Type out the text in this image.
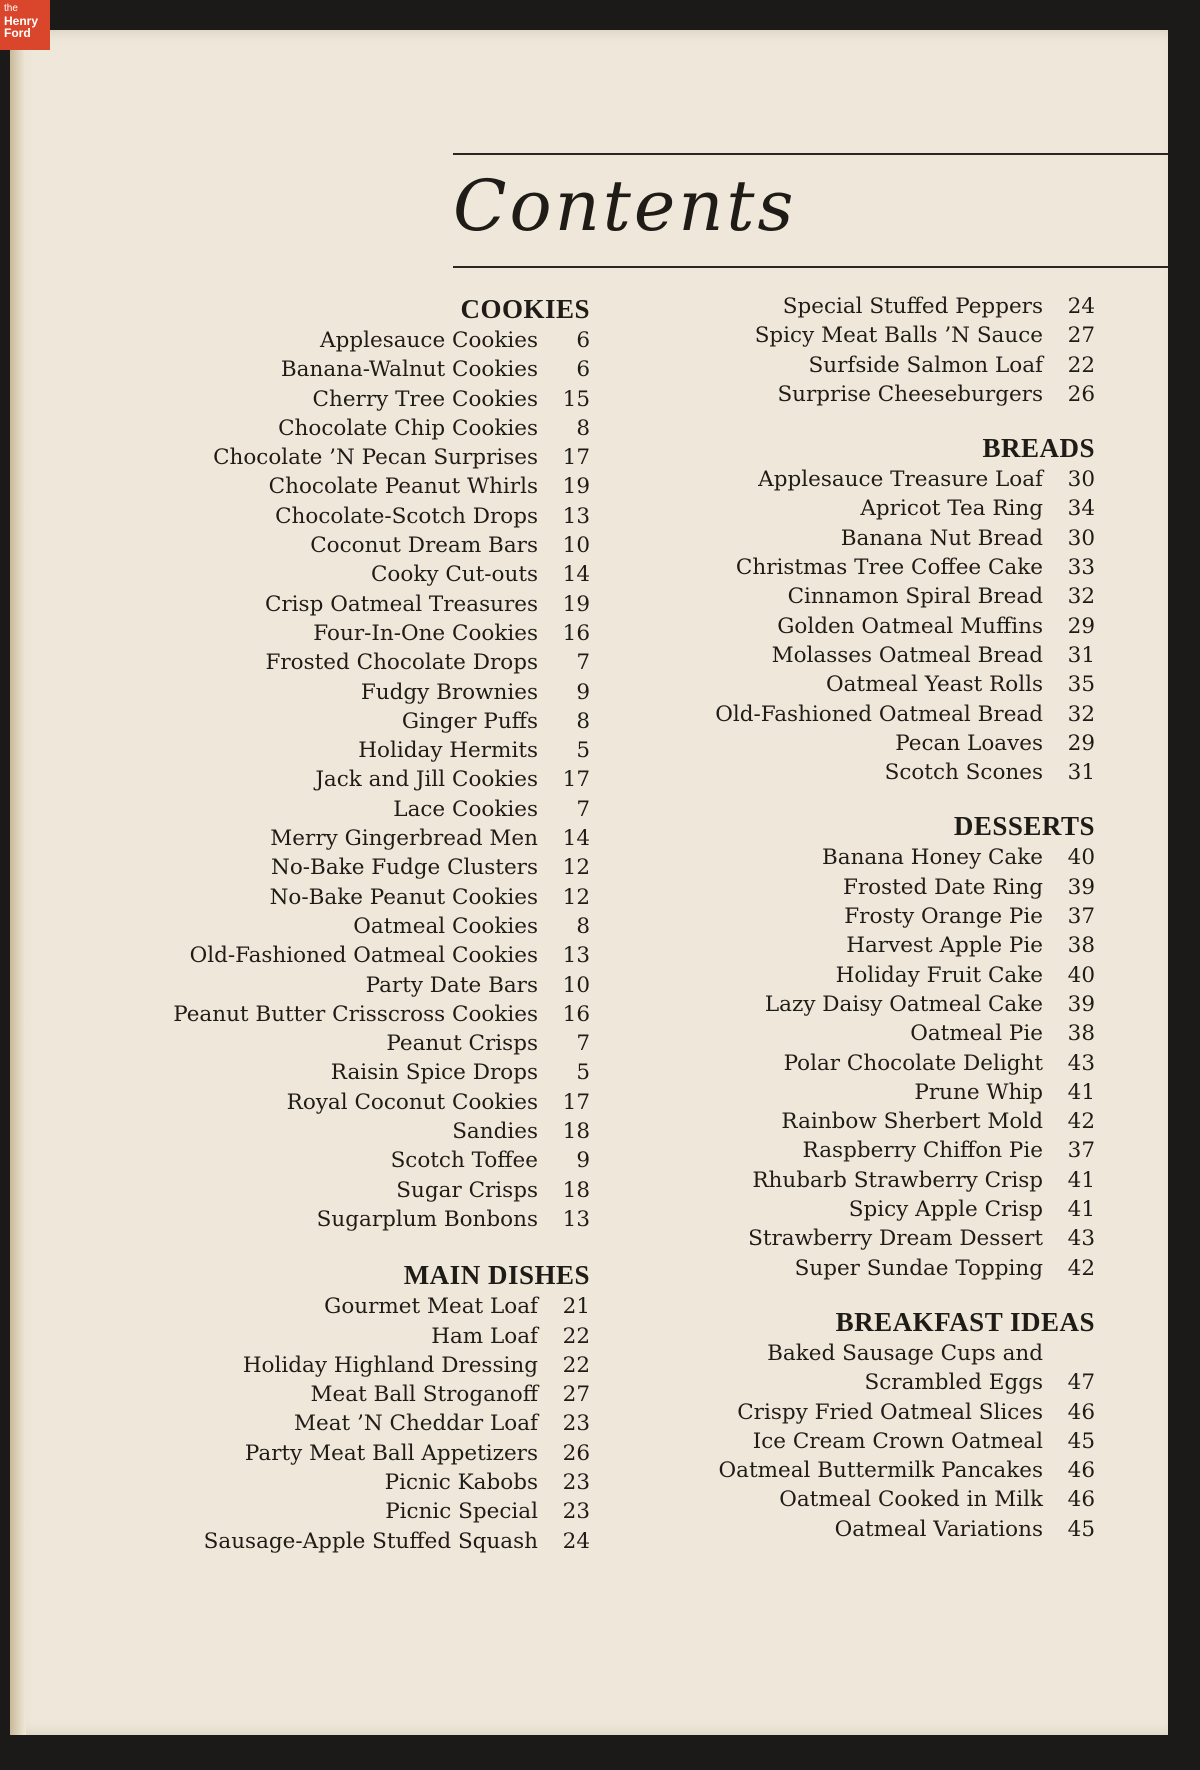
Contents
COOKIES
Applesauce Cookies	6
Banana-Walnut Cookies	6
Cherry Tree Cookies	15
Chocolate Chip Cookies	8
Chocolate ’N Pecan Surprises	17
Chocolate Peanut Whirls	19
Chocolate-Scotch Drops	13
Coconut Dream Bars	10
Cooky Cut-outs	14
Crisp Oatmeal Treasures	19
Four-In-One Cookies	16
Frosted Chocolate Drops	7
Fudgy Brownies	9
Ginger Puffs	8
Holiday Hermits	5
Jack and Jill Cookies	17
Lace Cookies	7
Merry Gingerbread Men	14
No-Bake Fudge Clusters	12
No-Bake Peanut Cookies	12
Oatmeal Cookies	8
Old-Fashioned Oatmeal Cookies	13
Party Date Bars	10
Peanut Butter Crisscross Cookies	16
Peanut Crisps	7
Raisin Spice Drops	5
Royal Coconut Cookies	17
Sandies	18
Scotch Toffee	9
Sugar Crisps	18
Sugarplum Bonbons	13
MAIN DISHES
Gourmet Meat Loaf	21
Ham Loaf	22
Holiday Highland Dressing	22
Meat Ball Stroganoff	27
Meat ’N Cheddar Loaf	23
Party Meat Ball Appetizers	26
Picnic Kabobs	23
Picnic Special	23
Sausage-Apple Stuffed Squash	24
Special Stuffed Peppers	24
Spicy Meat Balls ’N Sauce	27
Surfside Salmon Loaf	22
Surprise Cheeseburgers	26
BREADS
Applesauce Treasure Loaf	30
Apricot Tea Ring	34
Banana Nut Bread	30
Christmas Tree Coffee Cake	33
Cinnamon Spiral Bread	32
Golden Oatmeal Muffins	29
Molasses Oatmeal Bread	31
Oatmeal Yeast Rolls	35
Old-Fashioned Oatmeal Bread	32
Pecan Loaves	29
Scotch Scones	31
DESSERTS
Banana Honey Cake	40
Frosted Date Ring	39
Frosty Orange Pie	37
Harvest Apple Pie	38
Holiday Fruit Cake	40
Lazy Daisy Oatmeal Cake	39
Oatmeal Pie	38
Polar Chocolate Delight	43
Prune Whip	41
Rainbow Sherbert Mold	42
Raspberry Chiffon Pie	37
Rhubarb Strawberry Crisp	41
Spicy Apple Crisp	41
Strawberry Dream Dessert	43
Super Sundae Topping	42
BREAKFAST IDEAS
Baked Sausage Cups and
Scrambled Eggs	47
Crispy Fried Oatmeal Slices	46
Ice Cream Crown Oatmeal	45
Oatmeal Buttermilk Pancakes	46
Oatmeal Cooked in Milk	46
Oatmeal Variations	45
the
Henry
Ford
